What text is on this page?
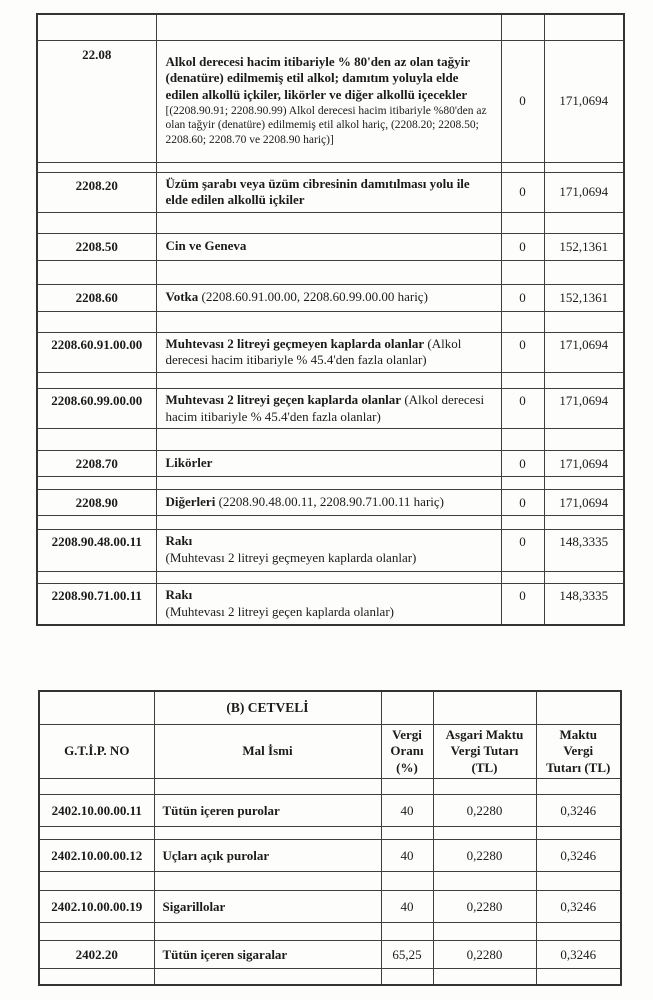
22.08	Alkol derecesi hacim itibariyle % 80'den az olan tağyir (denatüre) edilmemiş etil alkol; damıtım yoluyla elde edilen alkollü içkiler, likörler ve diğer alkollü içecekler
[(2208.90.91; 2208.90.99) Alkol derecesi hacim itibariyle %80'den az olan tağyir (denatüre) edilmemiş etil alkol hariç, (2208.20; 2208.50; 2208.60; 2208.70 ve 2208.90 hariç)]	0	171,0694

2208.20	Üzüm şarabı veya üzüm cibresinin damıtılması yolu ile elde edilen alkollü içkiler	0	171,0694

2208.50	Cin ve Geneva	0	152,1361

2208.60	Votka (2208.60.91.00.00, 2208.60.99.00.00 hariç)	0	152,1361

2208.60.91.00.00	Muhtevası 2 litreyi geçmeyen kaplarda olanlar (Alkol derecesi hacim itibariyle % 45.4'den fazla olanlar)	0	171,0694

2208.60.99.00.00	Muhtevası 2 litreyi geçen kaplarda olanlar (Alkol derecesi hacim itibariyle % 45.4'den fazla olanlar)	0	171,0694

2208.70	Likörler	0	171,0694

2208.90	Diğerleri (2208.90.48.00.11, 2208.90.71.00.11 hariç)	0	171,0694

2208.90.48.00.11	Rakı
(Muhtevası 2 litreyi geçmeyen kaplarda olanlar)	0	148,3335

2208.90.71.00.11	Rakı
(Muhtevası 2 litreyi geçen kaplarda olanlar)	0	148,3335
	(B) CETVELİ			
G.T.İ.P. NO	Mal İsmi	Vergi Oranı (%)	Asgari Maktu Vergi Tutarı (TL)	Maktu Vergi Tutarı (TL)

2402.10.00.00.11	Tütün içeren purolar	40	0,2280	0,3246

2402.10.00.00.12	Uçları açık purolar	40	0,2280	0,3246

2402.10.00.00.19	Sigarillolar	40	0,2280	0,3246

2402.20	Tütün içeren sigaralar	65,25	0,2280	0,3246
